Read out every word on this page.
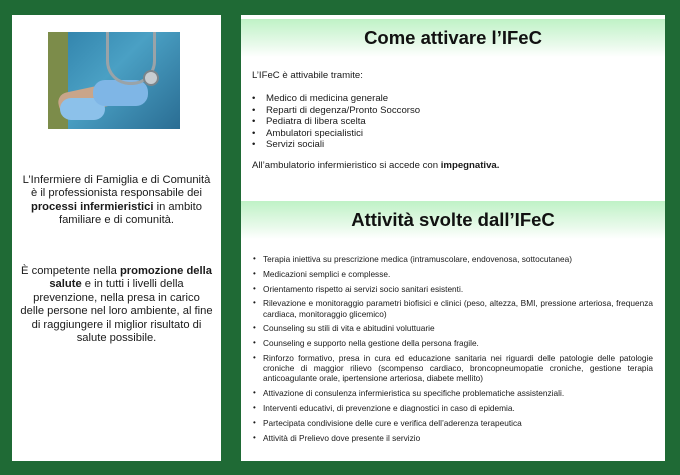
L’Infermiere di Famiglia e di Comunità è il professionista responsabile dei processi infermieristici in ambito familiare e di comunità.
È competente nella promozione della salute e in tutti i livelli della prevenzione, nella presa in carico delle persone nel loro ambiente, al fine di raggiungere il miglior risultato di salute possibile.
Come attivare l’IFeC
L’IFeC è attivabile tramite:
• Medico di medicina generale
• Reparti di degenza/Pronto Soccorso
• Pediatra di libera scelta
• Ambulatori specialistici
• Servizi sociali
All’ambulatorio infermieristico si accede con impegnativa.
Attività svolte dall’IFeC
• Terapia iniettiva su prescrizione medica (intramuscolare, endovenosa, sottocutanea)
• Medicazioni semplici e complesse.
• Orientamento rispetto ai servizi socio sanitari esistenti.
• Rilevazione e monitoraggio parametri biofisici e clinici (peso, altezza, BMI, pressione arteriosa, frequenza cardiaca, monitoraggio glicemico)
• Counseling su stili di vita e abitudini voluttuarie
• Counseling e supporto nella gestione della persona fragile.
• Rinforzo formativo, presa in cura ed educazione sanitaria nei riguardi delle patologie delle patologie croniche di maggior rilievo (scompenso cardiaco, broncopneumopatie croniche, gestione terapia anticoagulante orale, ipertensione arteriosa, diabete mellito)
• Attivazione di consulenza infermieristica su specifiche problematiche assistenziali.
• Interventi educativi, di prevenzione e diagnostici in caso di epidemia.
• Partecipata condivisione delle cure e verifica dell’aderenza terapeutica
• Attività di Prelievo dove presente il servizio
